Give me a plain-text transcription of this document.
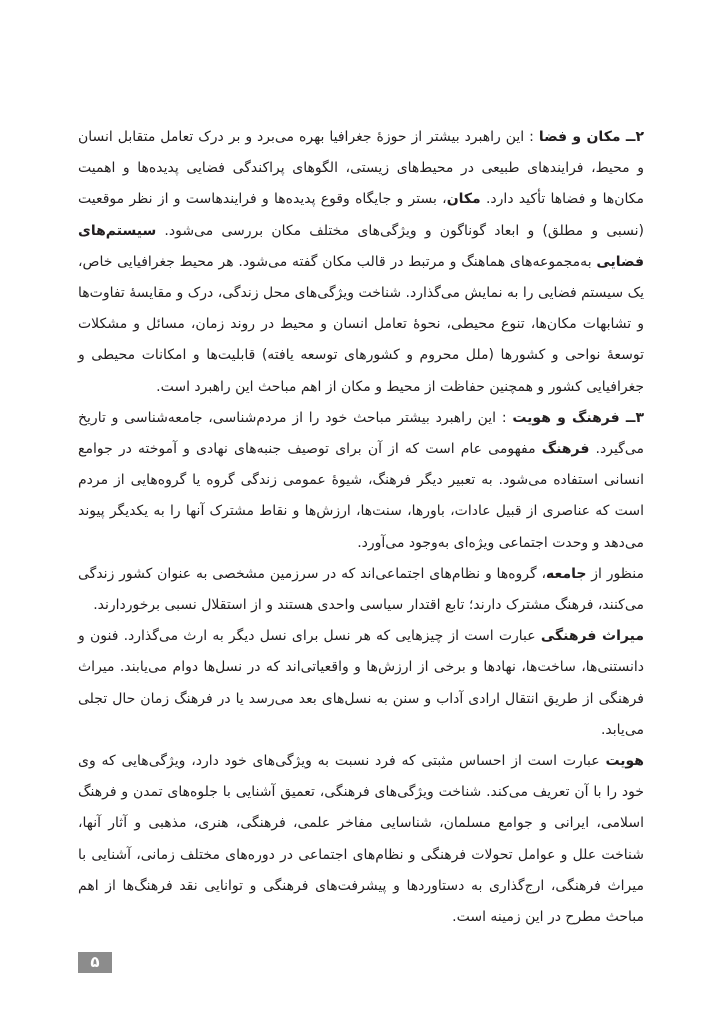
۲ــ مکان و فضا : این راهبرد بیشتر از حوزهٔ جغرافیا بهره می‌برد و بر درک تعامل متقابل انسان و محیط، فرایندهای طبیعی در محیط‌های زیستی، الگوهای پراکندگی فضایی پدیده‌ها و اهمیت مکان‌ها و فضاها تأکید دارد. مکان، بستر و جایگاه وقوع پدیده‌ها و فرایندهاست و از نظر موقعیت (نسبی و مطلق) و ابعاد گوناگون و ویژگی‌های مختلف مکان بررسی می‌شود. سیستم‌های فضایی به‌مجموعه‌های هماهنگ و مرتبط در قالب مکان گفته می‌شود. هر محیط جغرافیایی خاص، یک سیستم فضایی را به نمایش می‌گذارد. شناخت ویژگی‌های محل زندگی، درک و مقایسهٔ تفاوت‌ها و تشابهات مکان‌ها، تنوع محیطی، نحوهٔ تعامل انسان و محیط در روند زمان، مسائل و مشکلات توسعهٔ نواحی و کشورها (ملل محروم و کشورهای توسعه یافته) قابلیت‌ها و امکانات محیطی و جغرافیایی کشور و همچنین حفاظت از محیط و مکان از اهم مباحث این راهبرد است.

۳ــ فرهنگ و هویت : این راهبرد بیشتر مباحث خود را از مردم‌شناسی، جامعه‌شناسی و تاریخ می‌گیرد. فرهنگ مفهومی عام است که از آن برای توصیف جنبه‌های نهادی و آموخته در جوامع انسانی استفاده می‌شود. به تعبیر دیگر فرهنگ، شیوهٔ عمومی زندگی گروه یا گروه‌هایی از مردم است که عناصری از قبیل عادات، باورها، سنت‌ها، ارزش‌ها و نقاط مشترک آنها را به یکدیگر پیوند می‌دهد و وحدت اجتماعی ویژه‌ای به‌وجود می‌آورد.

منظور از جامعه، گروه‌ها و نظام‌های اجتماعی‌اند که در سرزمین مشخصی به عنوان کشور زندگی می‌کنند، فرهنگ مشترک دارند؛ تابع اقتدار سیاسی واحدی هستند و از استقلال نسبی برخوردارند.

میراث فرهنگی عبارت است از چیزهایی که هر نسل برای نسل دیگر به ارث می‌گذارد. فنون و دانستنی‌ها، ساخت‌ها، نهادها و برخی از ارزش‌ها و واقعیاتی‌اند که در نسل‌ها دوام می‌یابند. میراث فرهنگی از طریق انتقال ارادی آداب و سنن به نسل‌های بعد می‌رسد یا در فرهنگ زمان حال تجلی می‌یابد.

هویت عبارت است از احساس مثبتی که فرد نسبت به ویژگی‌های خود دارد، ویژگی‌هایی که وی خود را با آن تعریف می‌کند. شناخت ویژگی‌های فرهنگی، تعمیق آشنایی با جلوه‌های تمدن و فرهنگ اسلامی، ایرانی و جوامع مسلمان، شناسایی مفاخر علمی، فرهنگی، هنری، مذهبی و آثار آنها، شناخت علل و عوامل تحولات فرهنگی و نظام‌های اجتماعی در دوره‌های مختلف زمانی، آشنایی با میراث فرهنگی، ارج‌گذاری به دستاوردها و پیشرفت‌های فرهنگی و توانایی نقد فرهنگ‌ها از اهم مباحث مطرح در این زمینه است.

۵
